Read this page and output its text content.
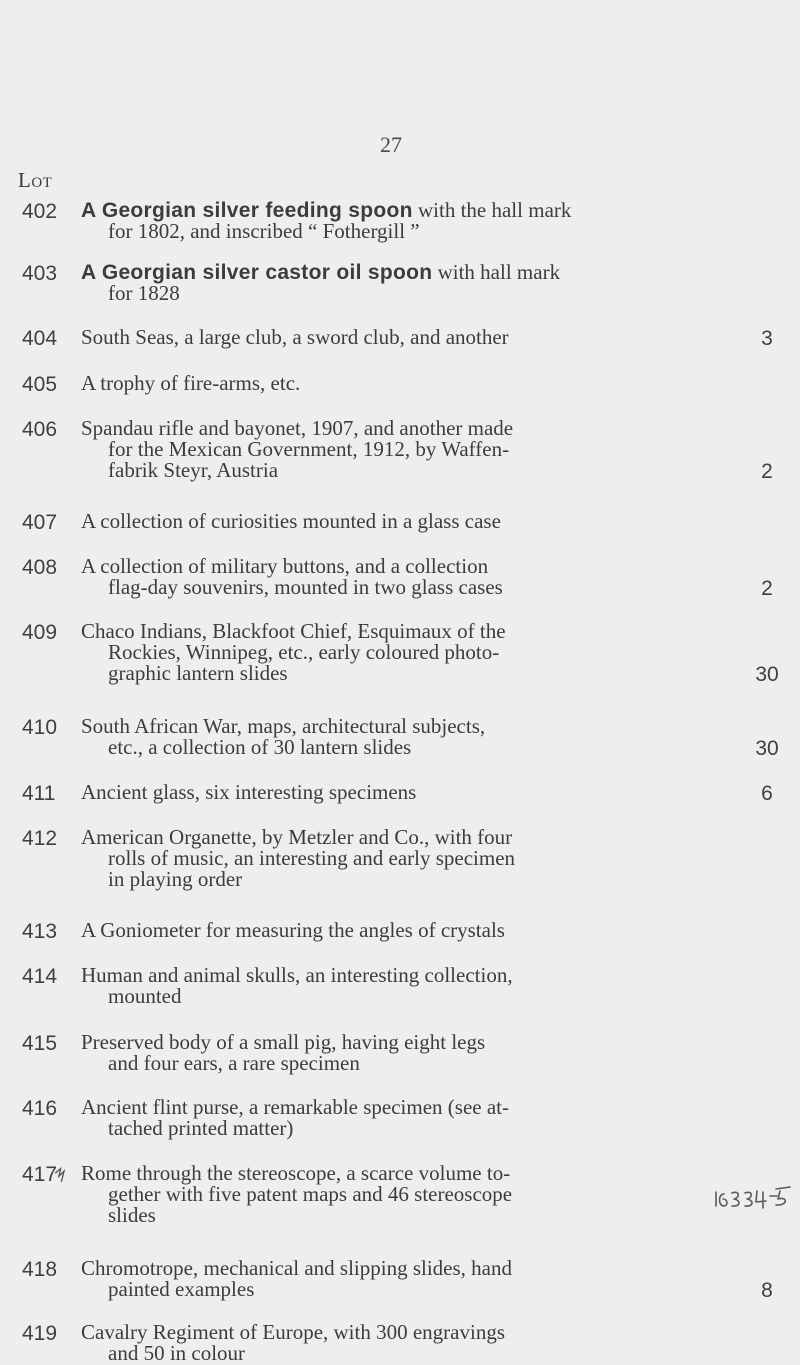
27
Lot
402 A Georgian silver feeding spoon with the hall mark
for 1802, and inscribed “ Fothergill ”
403 A Georgian silver castor oil spoon with hall mark
for 1828
404 South Seas, a large club, a sword club, and another	3
405 A trophy of fire-arms, etc.
406 Spandau rifle and bayonet, 1907, and another made
for the Mexican Government, 1912, by Waffen-
fabrik Steyr, Austria	2
407 A collection of curiosities mounted in a glass case
408 A collection of military buttons, and a collection
flag-day souvenirs, mounted in two glass cases	2
409 Chaco Indians, Blackfoot Chief, Esquimaux of the
Rockies, Winnipeg, etc., early coloured photo-
graphic lantern slides	30
410 South African War, maps, architectural subjects,
etc., a collection of 30 lantern slides	30
411 Ancient glass, six interesting specimens	6
412 American Organette, by Metzler and Co., with four
rolls of music, an interesting and early specimen
in playing order
413 A Goniometer for measuring the angles of crystals
414 Human and animal skulls, an interesting collection,
mounted
415 Preserved body of a small pig, having eight legs
and four ears, a rare specimen
416 Ancient flint purse, a remarkable specimen (see at-
tached printed matter)
417 Rome through the stereoscope, a scarce volume to-
gether with five patent maps and 46 stereoscope
slides
418 Chromotrope, mechanical and slipping slides, hand
painted examples	8
419 Cavalry Regiment of Europe, with 300 engravings
and 50 in colour
